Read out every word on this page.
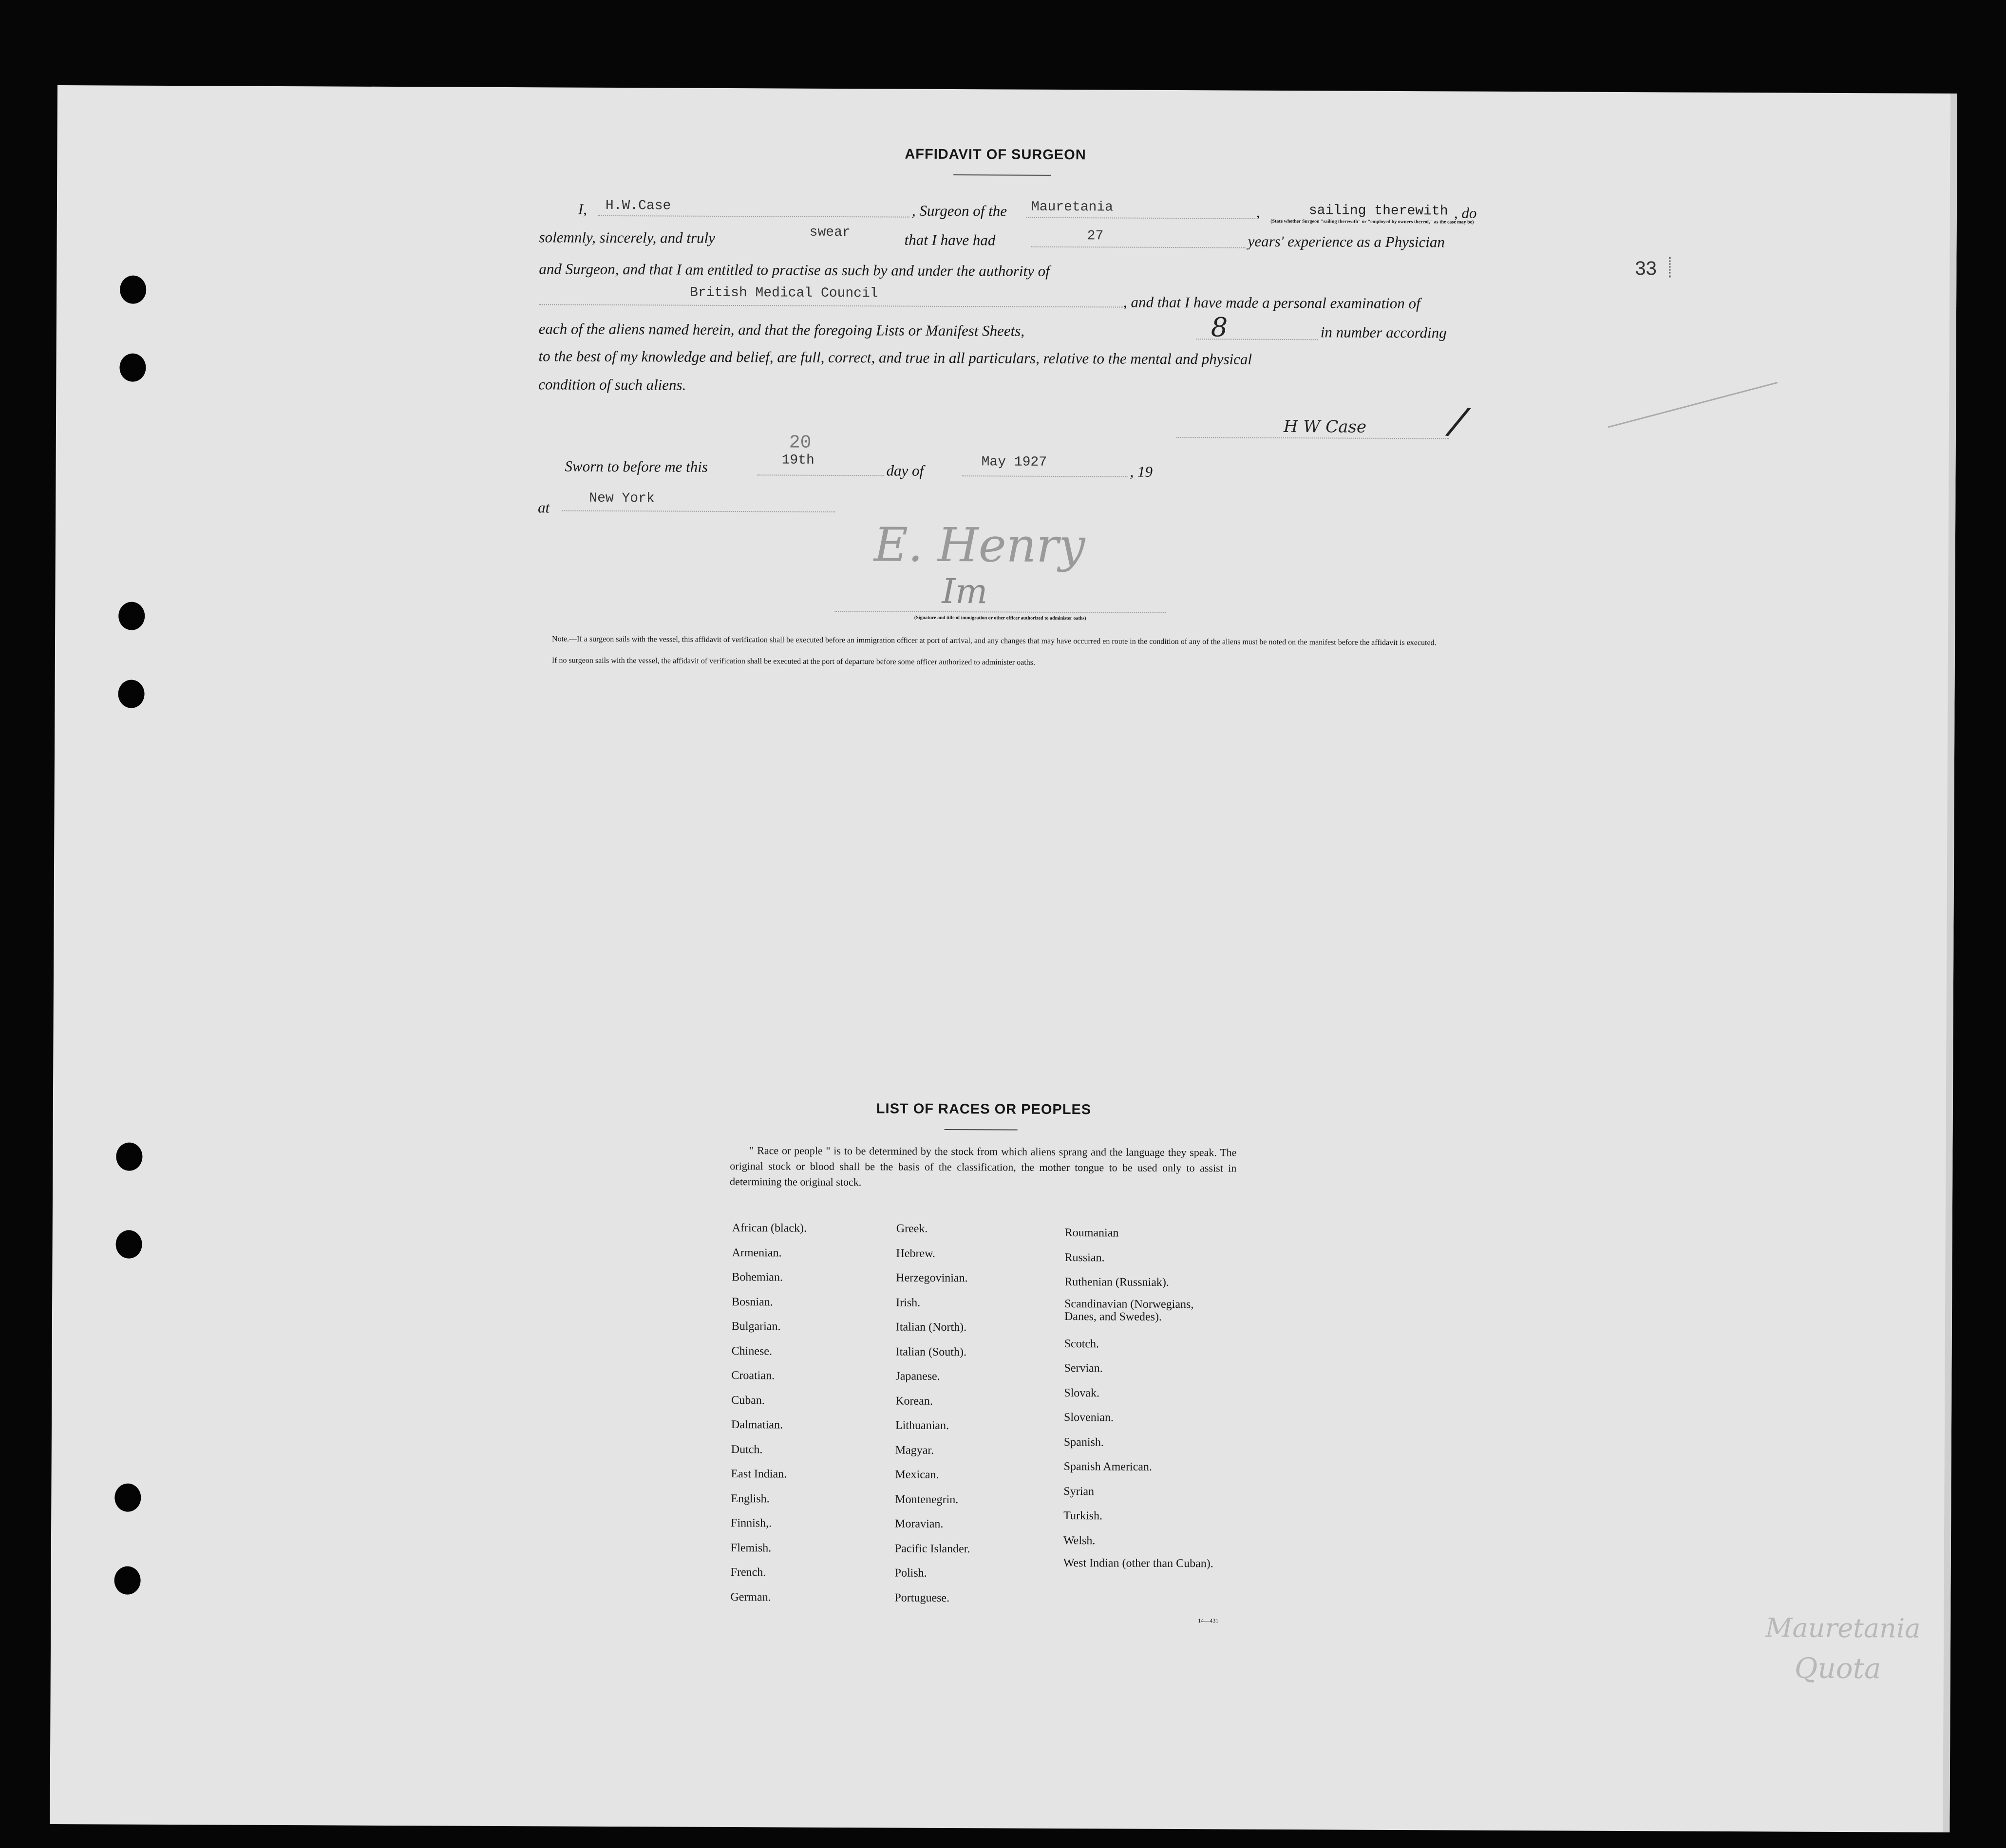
AFFIDAVIT OF SURGEON
I, H.W.Case	, Surgeon of the Mauretania	,	sailing therewith , do
(State whether Surgeon "sailing therewith" or "employed by owners thereof," as the case may be)
solemnly, sincerely, and truly	swear	that I have had	27	years' experience as a Physician
and Surgeon, and that I am entitled to practise as such by and under the authority of
British Medical Council
, and that I have made a personal examination of
each of the aliens named herein, and that the foregoing Lists or Manifest Sheets,	8	in number according
to the best of my knowledge and belief, are full, correct, and true in all particulars, relative to the mental and physical
condition of such aliens.
H W Case /
Sworn to before me this
20
19th
day of	May 1927
, 19
at
New York
E. Henry
Im
(Signature and title of immigration or other officer authorized to administer oaths)
Note.—If a surgeon sails with the vessel, this affidavit of verification shall be executed before an immigration officer at port of arrival, and any changes that may have occurred en route in the condition of any of the aliens must be noted on the manifest before the affidavit is executed.
If no surgeon sails with the vessel, the affidavit of verification shall be executed at the port of departure before some officer authorized to administer oaths.
33
Mauretania
Quota
LIST OF RACES OR PEOPLES
" Race or people " is to be determined by the stock from which aliens sprang and the language they speak. The original stock or blood shall be the basis of the classification, the mother tongue to be used only to assist in determining the original stock.
African (black).
Armenian.
Bohemian.
Bosnian.
Bulgarian.
Chinese.
Croatian.
Cuban.
Dalmatian.
Dutch.
East Indian.
English.
Finnish,.
Flemish.
French.
German.
Greek.
Hebrew.
Herzegovinian.
Irish.
Italian (North).
Italian (South).
Japanese.
Korean.
Lithuanian.
Magyar.
Mexican.
Montenegrin.
Moravian.
Pacific Islander.
Polish.
Portuguese.
Roumanian
Russian.
Ruthenian (Russniak).
Scandinavian (Norwegians, Danes, and Swedes).
Scotch.
Servian.
Slovak.
Slovenian.
Spanish.
Spanish American.
Syrian
Turkish.
Welsh.
West Indian (other than Cuban).
14—431
